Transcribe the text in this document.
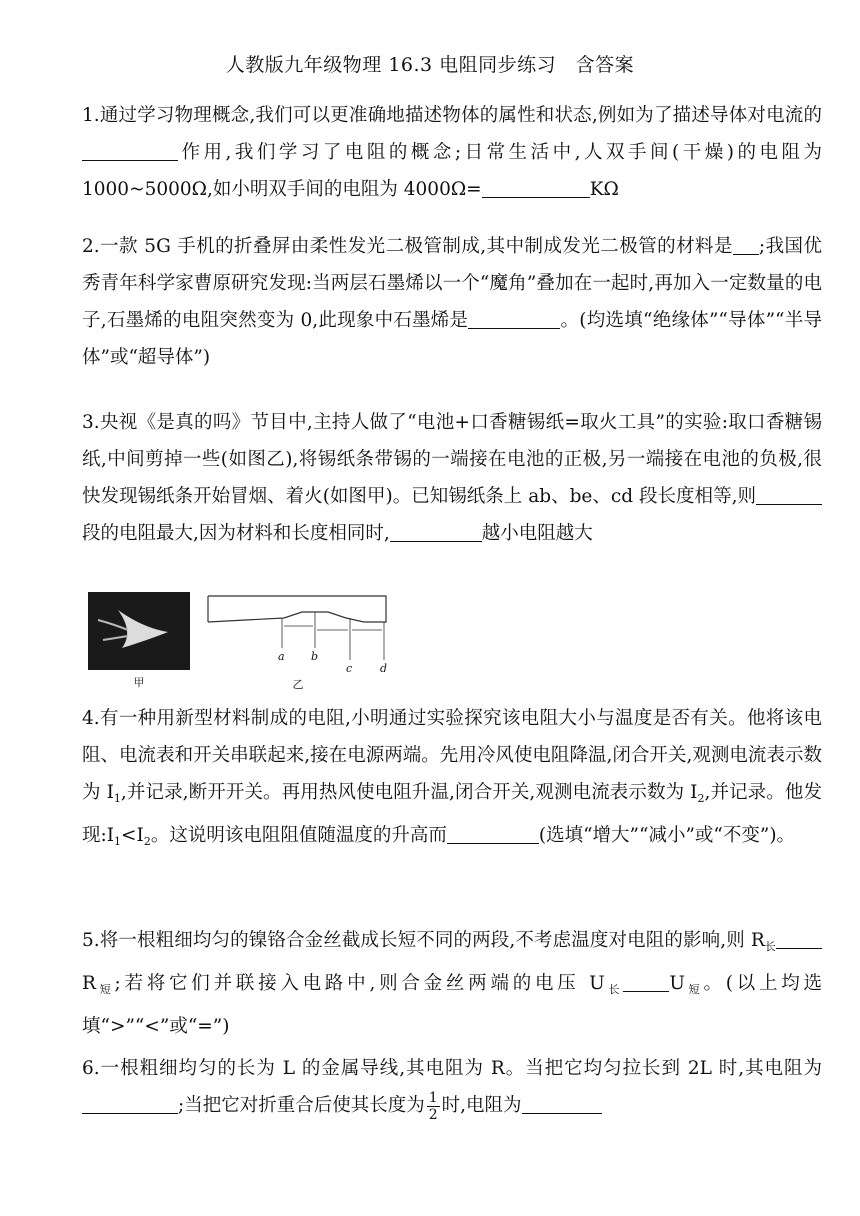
人教版九年级物理 16.3 电阻同步练习　含答案
1.通过学习物理概念,我们可以更准确地描述物体的属性和状态,例如为了描述导体对电流的作用,我们学习了电阻的概念;日常生活中,人双手间(干燥)的电阻为 1000~5000Ω,如小明双手间的电阻为 4000Ω=	KΩ
2.一款 5G 手机的折叠屏由柔性发光二极管制成,其中制成发光二极管的材料是 ;我国优秀青年科学家曹原研究发现:当两层石墨烯以一个“魔角”叠加在一起时,再加入一定数量的电子,石墨烯的电阻突然变为 0,此现象中石墨烯是	。(均选填“绝缘体”“导体”“半导体”或“超导体”)
3.央视《是真的吗》节目中,主持人做了“电池+口香糖锡纸=取火工具”的实验:取口香糖锡纸,中间剪掉一些(如图乙),将锡纸条带锡的一端接在电池的正极,另一端接在电池的负极,很快发现锡纸条开始冒烟、着火(如图甲)。已知锡纸条上 ab、be、cd 段长度相等,则段的电阻最大,因为材料和长度相同时,	越小电阻越大
甲
a b
c	d
乙
4.有一种用新型材料制成的电阻,小明通过实验探究该电阻大小与温度是否有关。他将该电阻、电流表和开关串联起来,接在电源两端。先用冷风使电阻降温,闭合开关,观测电流表示数为 $I_1$,并记录,断开开关。再用热风使电阻升温,闭合开关,观测电流表示数为 $I_2$,并记录。他发现$:I_1<I_2$。这说明该电阻阻值随温度的升高而	(选填“增大”“减小”或“不变”)。
5.将一根粗细均匀的镍铬合金丝截成长短不同的两段,不考虑温度对电阻的影响,则 $R_长R_短$;若将它们并联接入电路中,则合金丝两端的电压 $U_长$ $U_短$。(以上均选填“>”“<”或“=”)
6.一根粗细均匀的长为 L 的金属导线,其电阻为 R。当把它均匀拉长到 2L 时,其电阻为;当把它对折重合后使其长度为 $\frac{1}{2}$ 时,电阻为
